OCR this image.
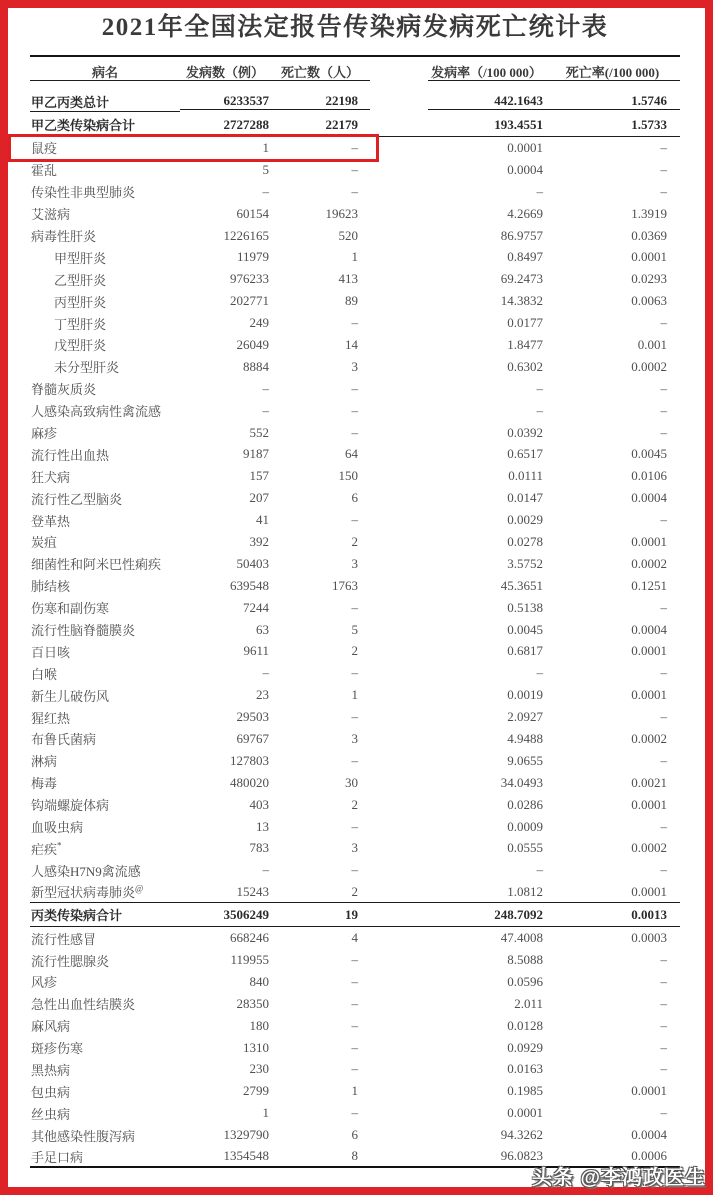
2021年全国法定报告传染病发病死亡统计表
病名	发病数（例）	死亡数（人）	发病率（/100 000）	死亡率(/100 000)
甲乙丙类总计	6233537	22198	442.1643	1.5746
甲乙类传染病合计	2727288	22179	193.4551	1.5733
鼠疫	1	–	0.0001	–
霍乱	5	–	0.0004	–
传染性非典型肺炎	–	–	–	–
艾滋病	60154	19623	4.2669	1.3919
病毒性肝炎	1226165	520	86.9757	0.0369
甲型肝炎	11979	1	0.8497	0.0001
乙型肝炎	976233	413	69.2473	0.0293
丙型肝炎	202771	89	14.3832	0.0063
丁型肝炎	249	–	0.0177	–
戊型肝炎	26049	14	1.8477	0.001
未分型肝炎	8884	3	0.6302	0.0002
脊髓灰质炎	–	–	–	–
人感染高致病性禽流感	–	–	–	–
麻疹	552	–	0.0392	–
流行性出血热	9187	64	0.6517	0.0045
狂犬病	157	150	0.0111	0.0106
流行性乙型脑炎	207	6	0.0147	0.0004
登革热	41	–	0.0029	–
炭疽	392	2	0.0278	0.0001
细菌性和阿米巴性痢疾	50403	3	3.5752	0.0002
肺结核	639548	1763	45.3651	0.1251
伤寒和副伤寒	7244	–	0.5138	–
流行性脑脊髓膜炎	63	5	0.0045	0.0004
百日咳	9611	2	0.6817	0.0001
白喉	–	–	–	–
新生儿破伤风	23	1	0.0019	0.0001
猩红热	29503	–	2.0927	–
布鲁氏菌病	69767	3	4.9488	0.0002
淋病	127803	–	9.0655	–
梅毒	480020	30	34.0493	0.0021
钩端螺旋体病	403	2	0.0286	0.0001
血吸虫病	13	–	0.0009	–
疟疾*	783	3	0.0555	0.0002
人感染H7N9禽流感	–	–	–	–
新型冠状病毒肺炎@	15243	2	1.0812	0.0001
丙类传染病合计	3506249	19	248.7092	0.0013
流行性感冒	668246	4	47.4008	0.0003
流行性腮腺炎	119955	–	8.5088	–
风疹	840	–	0.0596	–
急性出血性结膜炎	28350	–	2.011	–
麻风病	180	–	0.0128	–
斑疹伤寒	1310	–	0.0929	–
黑热病	230	–	0.0163	–
包虫病	2799	1	0.1985	0.0001
丝虫病	1	–	0.0001	–
其他感染性腹泻病	1329790	6	94.3262	0.0004
手足口病	1354548	8	96.0823	0.0006
头条 @李鸿政医生
